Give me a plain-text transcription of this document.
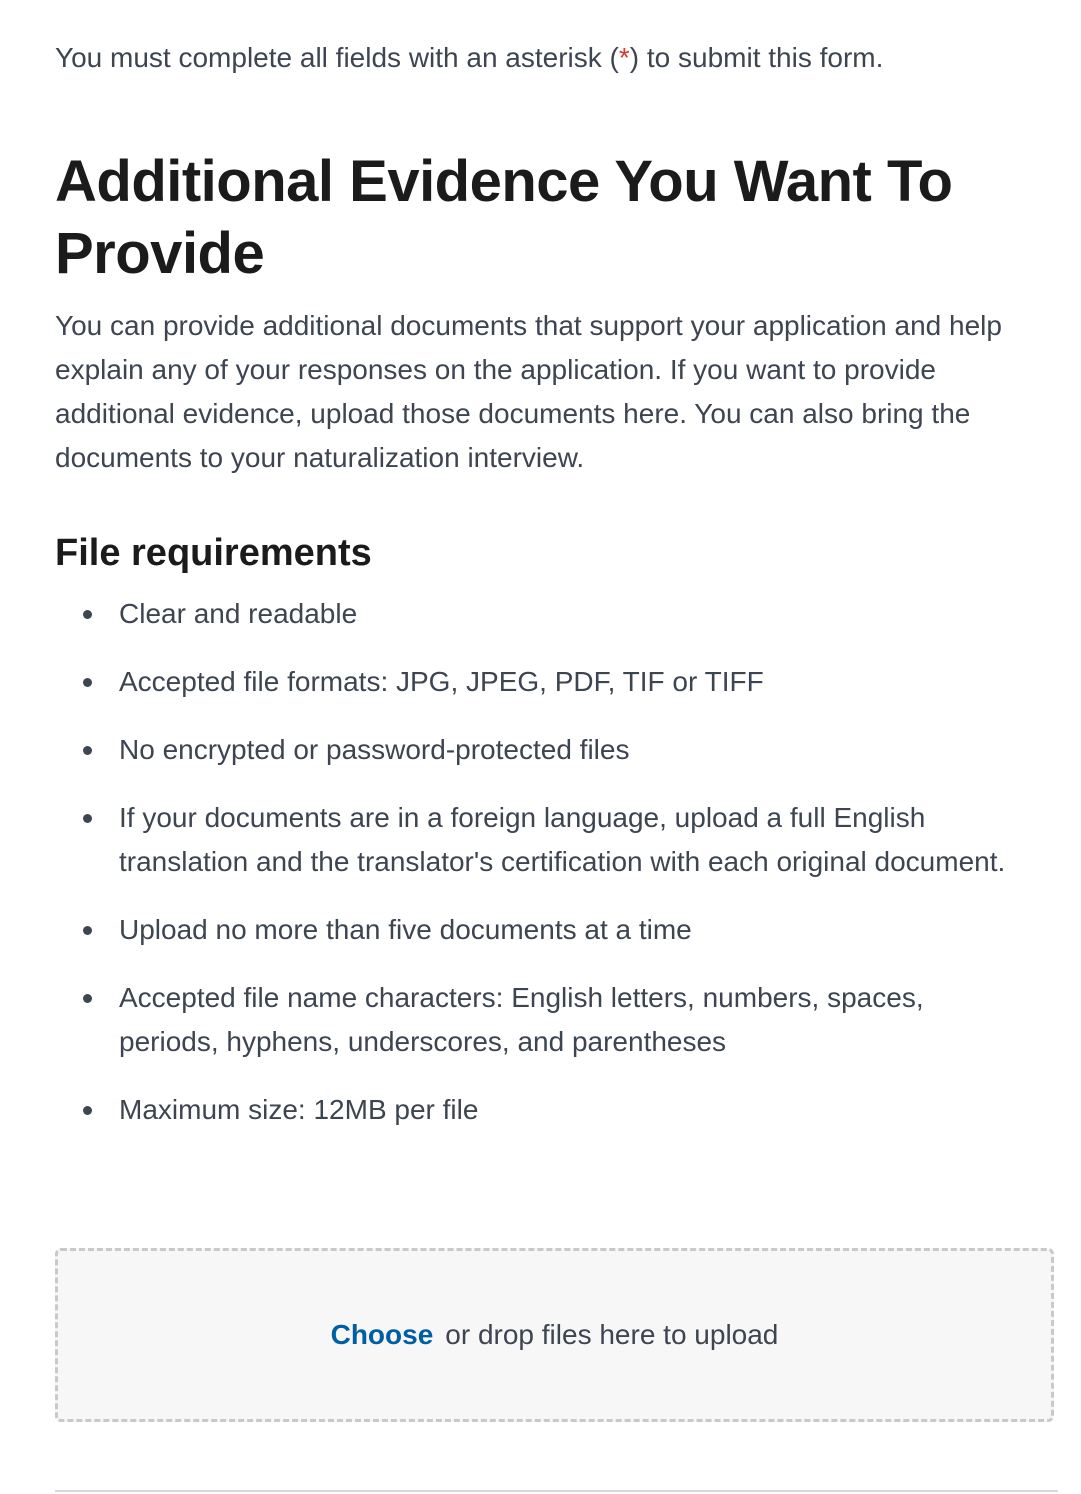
You must complete all fields with an asterisk (*) to submit this form.

Additional Evidence You Want To Provide

You can provide additional documents that support your application and help explain any of your responses on the application. If you want to provide additional evidence, upload those documents here. You can also bring the documents to your naturalization interview.

File requirements
Clear and readable
Accepted file formats: JPG, JPEG, PDF, TIF or TIFF
No encrypted or password-protected files
If your documents are in a foreign language, upload a full English translation and the translator's certification with each original document.
Upload no more than five documents at a time
Accepted file name characters: English letters, numbers, spaces, periods, hyphens, underscores, and parentheses
Maximum size: 12MB per file
Choose or drop files here to upload
